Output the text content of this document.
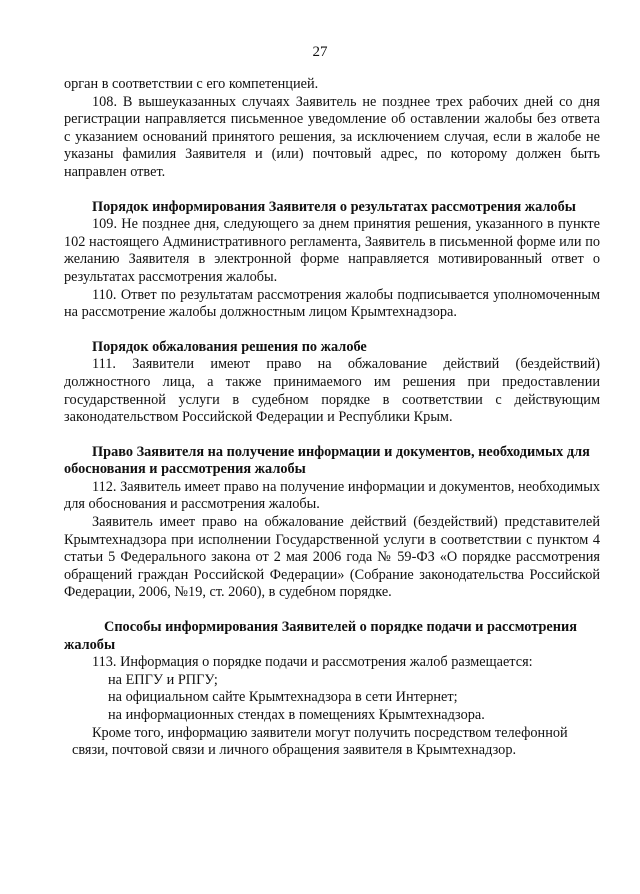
27

орган в соответствии с его компетенцией.

108. В вышеуказанных случаях Заявитель не позднее трех рабочих дней со дня регистрации направляется письменное уведомление об оставлении жалобы без ответа с указанием оснований принятого решения, за исключением случая, если в жалобе не указаны фамилия Заявителя и (или) почтовый адрес, по которому должен быть направлен ответ.

Порядок информирования Заявителя о результатах рассмотрения жалобы

109. Не позднее дня, следующего за днем принятия решения, указанного в пункте 102 настоящего Административного регламента, Заявитель в письменной форме или по желанию Заявителя в электронной форме направляется мотивированный ответ о результатах рассмотрения жалобы.

110. Ответ по результатам рассмотрения жалобы подписывается уполномоченным на рассмотрение жалобы должностным лицом Крымтехнадзора.

Порядок обжалования решения по жалобе

111. Заявители имеют право на обжалование действий (бездействий) должностного лица, а также принимаемого им решения при предоставлении государственной услуги в судебном порядке в соответствии с действующим законодательством Российской Федерации и Республики Крым.

Право Заявителя на получение информации и документов, необходимых для обоснования и рассмотрения жалобы

112. Заявитель имеет право на получение информации и документов, необходимых для обоснования и рассмотрения жалобы.

Заявитель имеет право на обжалование действий (бездействий) представителей Крымтехнадзора при исполнении Государственной услуги в соответствии с пунктом 4 статьи 5 Федерального закона от 2 мая 2006 года № 59-ФЗ «О порядке рассмотрения обращений граждан Российской Федерации» (Собрание законодательства Российской Федерации, 2006, №19, ст. 2060), в судебном порядке.

Способы информирования Заявителей о порядке подачи и рассмотрения жалобы

113. Информация о порядке подачи и рассмотрения жалоб размещается:

на ЕПГУ и РПГУ;

на официальном сайте Крымтехнадзора в сети Интернет;

на информационных стендах в помещениях Крымтехнадзора.

Кроме того, информацию заявители могут получить посредством телефонной
связи, почтовой связи и личного обращения заявителя в Крымтехнадзор.
